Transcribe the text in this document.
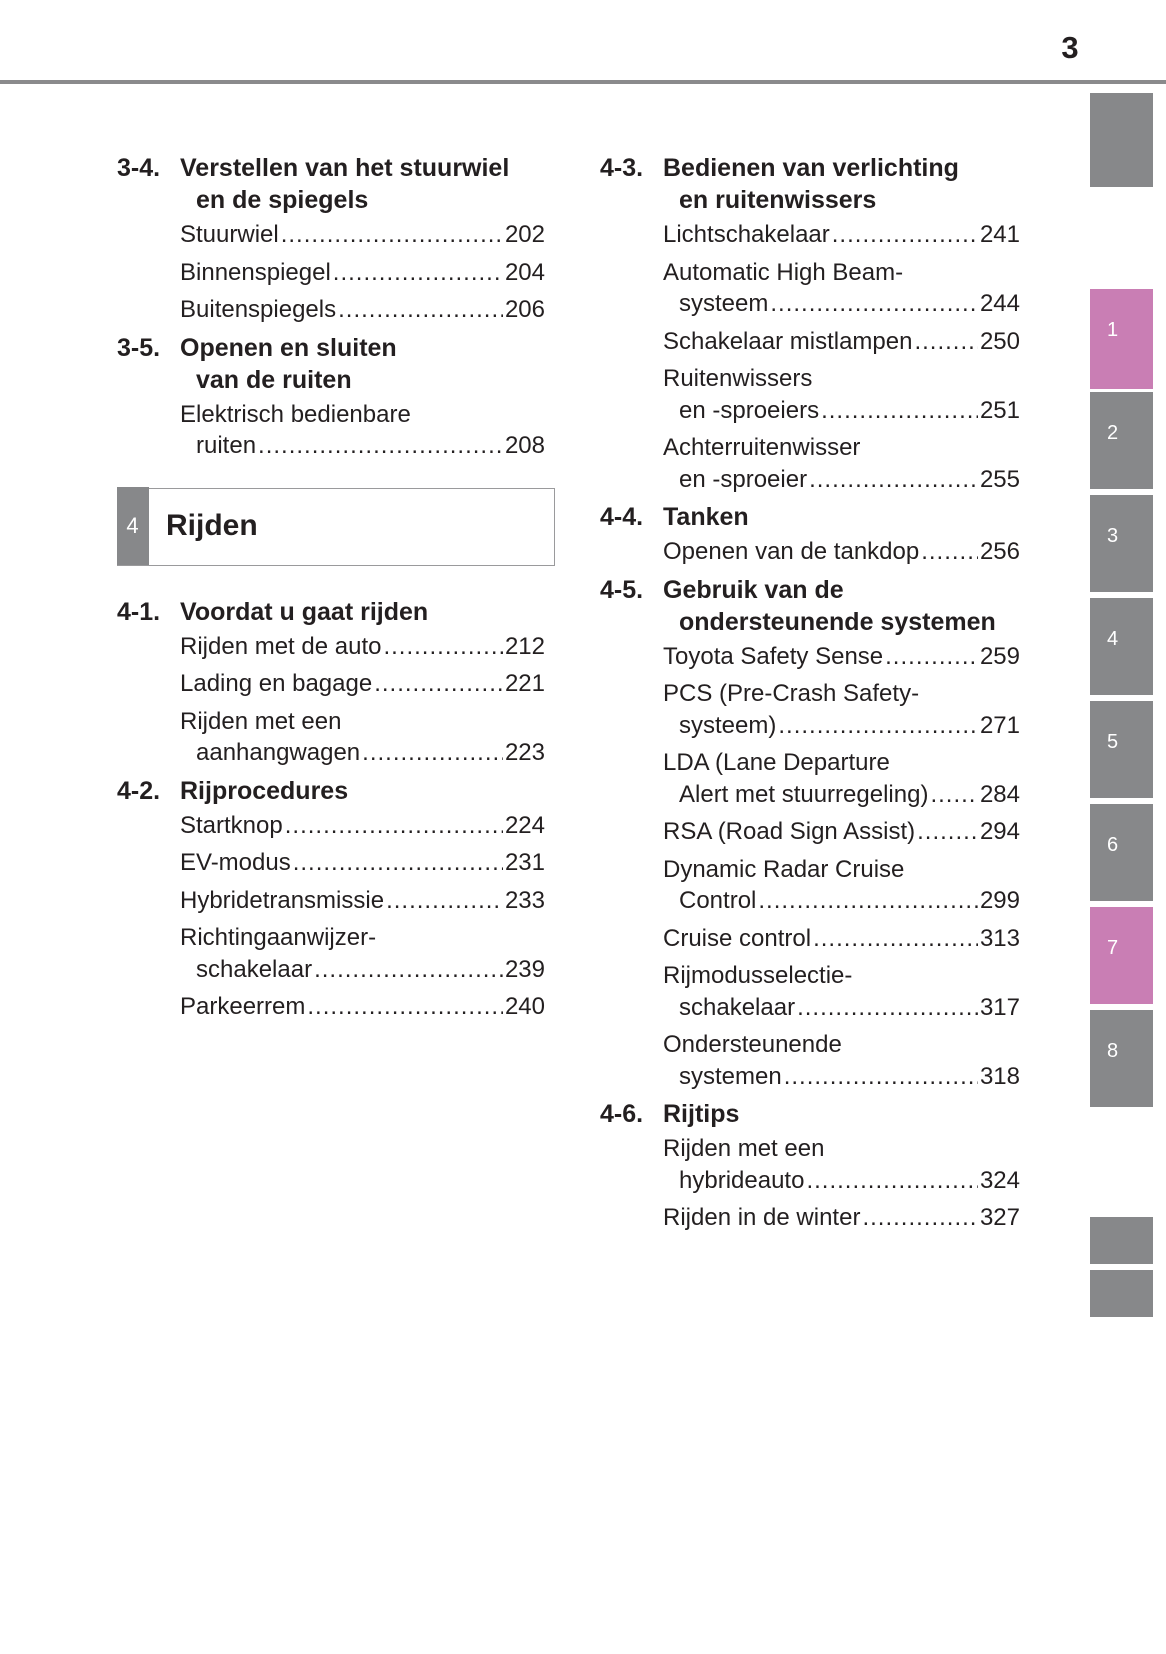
3
3-4. Verstellen van het stuurwiel
en de spiegels
Stuurwiel .....	202
Binnenspiegel .....	204
Buitenspiegels .....	206
3-5. Openen en sluiten
van de ruiten
Elektrisch bedienbare
ruiten .....	208
4 Rijden
4-1. Voordat u gaat rijden
Rijden met de auto .....	212
Lading en bagage .....	221
Rijden met een
aanhangwagen .....	223
4-2. Rijprocedures
Startknop .....	224
EV-modus .....	231
Hybridetransmissie .....	233
Richtingaanwijzer-
schakelaar .....	239
Parkeerrem .....	240
4-3. Bedienen van verlichting
en ruitenwissers
Lichtschakelaar .....	241
Automatic High Beam-
systeem .....	244
Schakelaar mistlampen .....	250
Ruitenwissers
en -sproeiers .....	251
Achterruitenwisser
en -sproeier .....	255
4-4. Tanken
Openen van de tankdop .....	256
4-5. Gebruik van de
ondersteunende systemen
Toyota Safety Sense .....	259
PCS (Pre-Crash Safety-
systeem) .....	271
LDA (Lane Departure
Alert met stuurregeling) ..... 284
RSA (Road Sign Assist) .....	294
Dynamic Radar Cruise
Control .....	299
Cruise control .....	313
Rijmodusselectie-
schakelaar .....	317
Ondersteunende
systemen .....	318
4-6. Rijtips
Rijden met een
hybrideauto .....	324
Rijden in de winter .....	327
1
2
3
4
5
6
7
8
